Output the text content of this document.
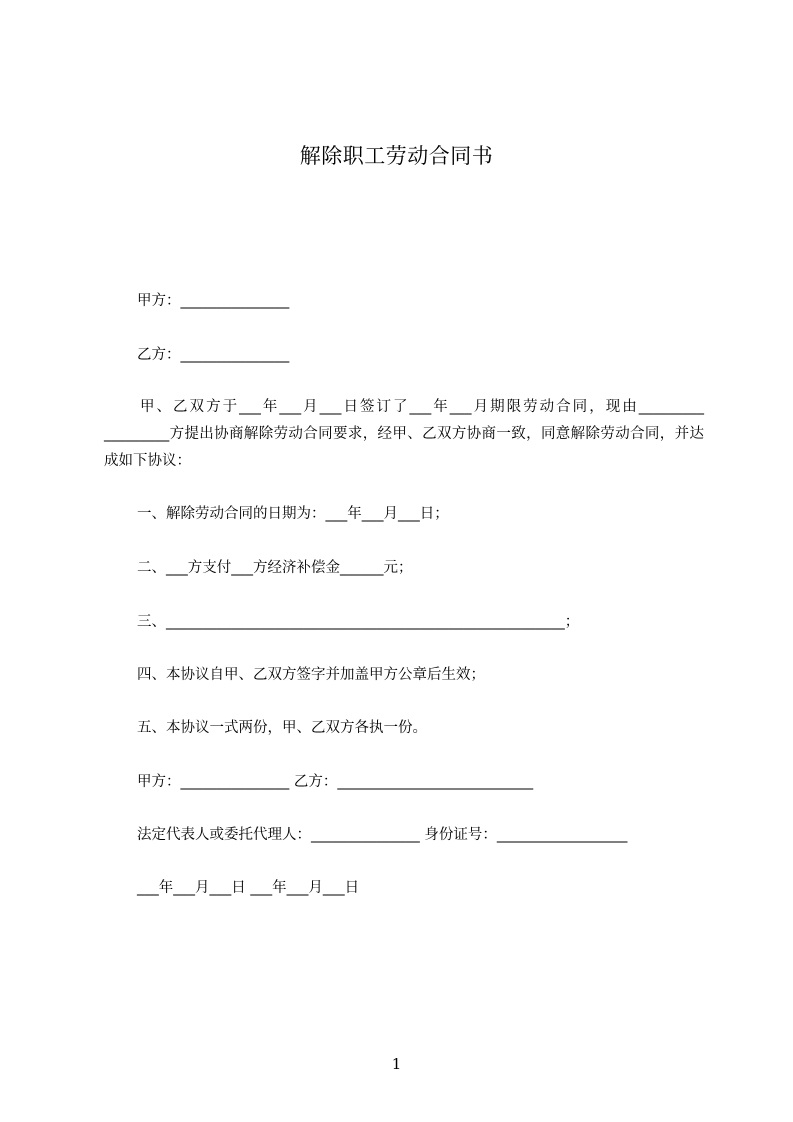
解除职工劳动合同书
甲方：_______________
乙方：_______________
甲、乙双方于___年___月___日签订了___年___月期限劳动合同，现由_________ _________方提出协商解除劳动合同要求，经甲、乙双方协商一致，同意解除劳动合同，并达成如下协议：
一、解除劳动合同的日期为：___年___月___日；
二、___方支付___方经济补偿金______元；
三、_______________________________________________________；
四、本协议自甲、乙双方签字并加盖甲方公章后生效；
五、本协议一式两份，甲、乙双方各执一份。
甲方：_______________ 乙方：___________________________
法定代表人或委托代理人：_______________ 身份证号：__________________
___年___月___日 ___年___月___日
1
